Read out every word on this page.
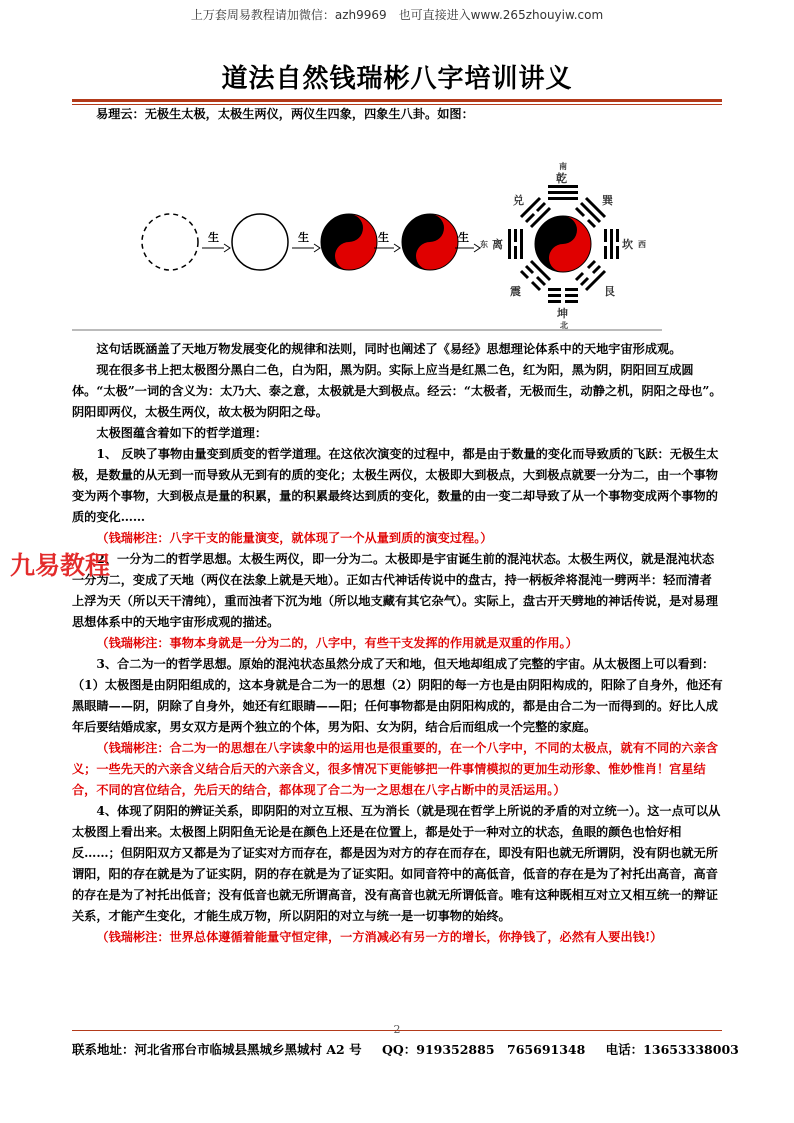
上万套周易教程请加微信：azh9969　也可直接进入www.265zhouyiw.com
道法自然钱瑞彬八字培训讲义

易理云：无极生太极，太极生两仪，两仪生四象，四象生八卦。如图：

生	生	生	生
南
乾
兑	巽
东 离	坎 西
震	艮
坤
北

这句话既涵盖了天地万物发展变化的规律和法则，同时也阐述了《易经》思想理论体系中的天地宇宙形成观。

现在很多书上把太极图分黑白二色，白为阳，黑为阴。实际上应当是红黑二色，红为阳，黑为阴，阴阳回互成圆体。“太极”一词的含义为：太乃大、泰之意，太极就是大到极点。经云：“太极者，无极而生，动静之机，阴阳之母也”。阴阳即两仪，太极生两仪，故太极为阴阳之母。

太极图蕴含着如下的哲学道理：

1、 反映了事物由量变到质变的哲学道理。在这依次演变的过程中，都是由于数量的变化而导致质的飞跃：无极生太极，是数量的从无到一而导致从无到有的质的变化；太极生两仪，太极即大到极点，大到极点就要一分为二，由一个事物变为两个事物，大到极点是量的积累，量的积累最终达到质的变化，数量的由一变二却导致了从一个事物变成两个事物的质的变化……

（钱瑞彬注：八字干支的能量演变，就体现了一个从量到质的演变过程。）

2、一分为二的哲学思想。太极生两仪，即一分为二。太极即是宇宙诞生前的混沌状态。太极生两仪，就是混沌状态一分为二，变成了天地（两仪在法象上就是天地）。正如古代神话传说中的盘古，持一柄板斧将混沌一劈两半：轻而清者上浮为天（所以天干清纯），重而浊者下沉为地（所以地支藏有其它杂气）。实际上，盘古开天劈地的神话传说，是对易理思想体系中的天地宇宙形成观的描述。

（钱瑞彬注：事物本身就是一分为二的，八字中，有些干支发挥的作用就是双重的作用。）

3、合二为一的哲学思想。原始的混沌状态虽然分成了天和地，但天地却组成了完整的宇宙。从太极图上可以看到：（1）太极图是由阴阳组成的，这本身就是合二为一的思想（2）阴阳的每一方也是由阴阳构成的，阳除了自身外，他还有黑眼睛——阴，阴除了自身外，她还有红眼睛——阳；任何事物都是由阴阳构成的，都是由合二为一而得到的。好比人成年后要结婚成家，男女双方是两个独立的个体，男为阳、女为阴，结合后而组成一个完整的家庭。

（钱瑞彬注：合二为一的思想在八字读象中的运用也是很重要的，在一个八字中，不同的太极点，就有不同的六亲含义；一些先天的六亲含义结合后天的六亲含义，很多情况下更能够把一件事情模拟的更加生动形象、惟妙惟肖！宫星结合，不同的宫位结合，先后天的结合，都体现了合二为一之思想在八字占断中的灵活运用。）

4、体现了阴阳的辨证关系，即阴阳的对立互根、互为消长（就是现在哲学上所说的矛盾的对立统一）。这一点可以从太极图上看出来。太极图上阴阳鱼无论是在颜色上还是在位置上，都是处于一种对立的状态，鱼眼的颜色也恰好相反……；但阴阳双方又都是为了证实对方而存在，都是因为对方的存在而存在，即没有阳也就无所谓阴，没有阴也就无所谓阳，阳的存在就是为了证实阴，阴的存在就是为了证实阳。如同音符中的高低音，低音的存在是为了衬托出高音，高音的存在是为了衬托出低音；没有低音也就无所谓高音，没有高音也就无所谓低音。唯有这种既相互对立又相互统一的辩证关系，才能产生变化，才能生成万物，所以阴阳的对立与统一是一切事物的始终。

（钱瑞彬注：世界总体遵循着能量守恒定律，一方消减必有另一方的增长，你挣钱了，必然有人要出钱!）

九易教程
联系地址：河北省邢台市临城县黑城乡黑城村 A2 号 QQ：919352885　765691348 电话：13653338003
